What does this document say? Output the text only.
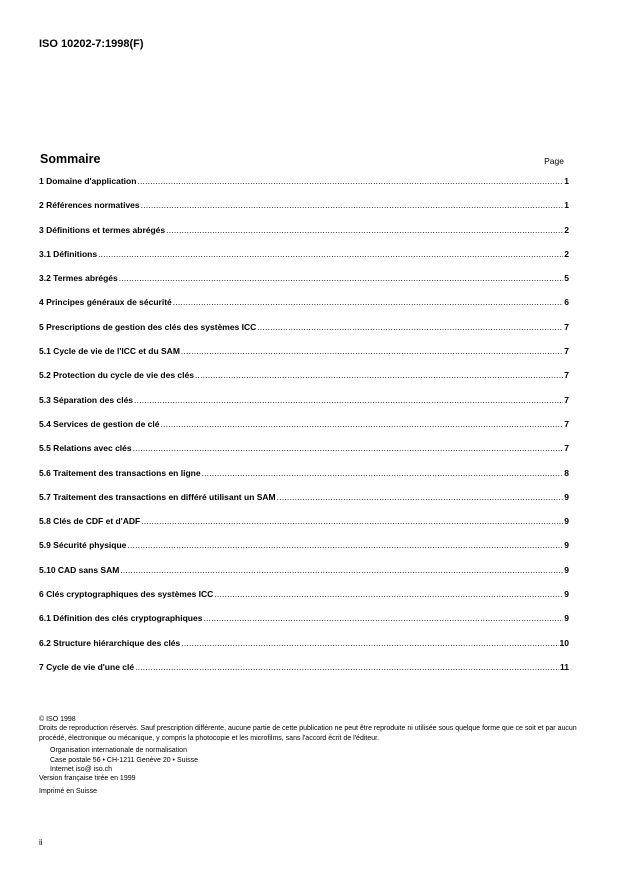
ISO 10202-7:1998(F)
Sommaire	Page
1 Domaine d'application .....	1
2 Références normatives .....	1
3 Définitions et termes abrégés .....	2
3.1 Définitions .....	2
3.2 Termes abrégés .....	5
4 Principes généraux de sécurité .....	6
5 Prescriptions de gestion des clés des systèmes ICC .....	7
5.1 Cycle de vie de l'ICC et du SAM .....	7
5.2 Protection du cycle de vie des clés .....	7
5.3 Séparation des clés .....	7
5.4 Services de gestion de clé .....	7
5.5 Relations avec clés .....	7
5.6 Traitement des transactions en ligne .....	8
5.7 Traitement des transactions en différé utilisant un SAM .....	9
5.8 Clés de CDF et d'ADF .....	9
5.9 Sécurité physique .....	9
5.10 CAD sans SAM .....	9
6 Clés cryptographiques des systèmes ICC .....	9
6.1 Définition des clés cryptographiques .....	9
6.2 Structure hiérarchique des clés .....	10
7 Cycle de vie d'une clé .....	11
© ISO 1998
Droits de reproduction réservés. Sauf prescription différente, aucune partie de cette publication ne peut être reproduite ni utilisée sous quelque forme que ce soit et par aucun procédé, électronique ou mécanique, y compris la photocopie et les microfilms, sans l'accord écrit de l'éditeur.
Organisation internationale de normalisation
Case postale 56 • CH-1211 Genève 20 • Suisse
Internet iso@ iso.ch
Version française tirée en 1999
Imprimé en Suisse
ii
